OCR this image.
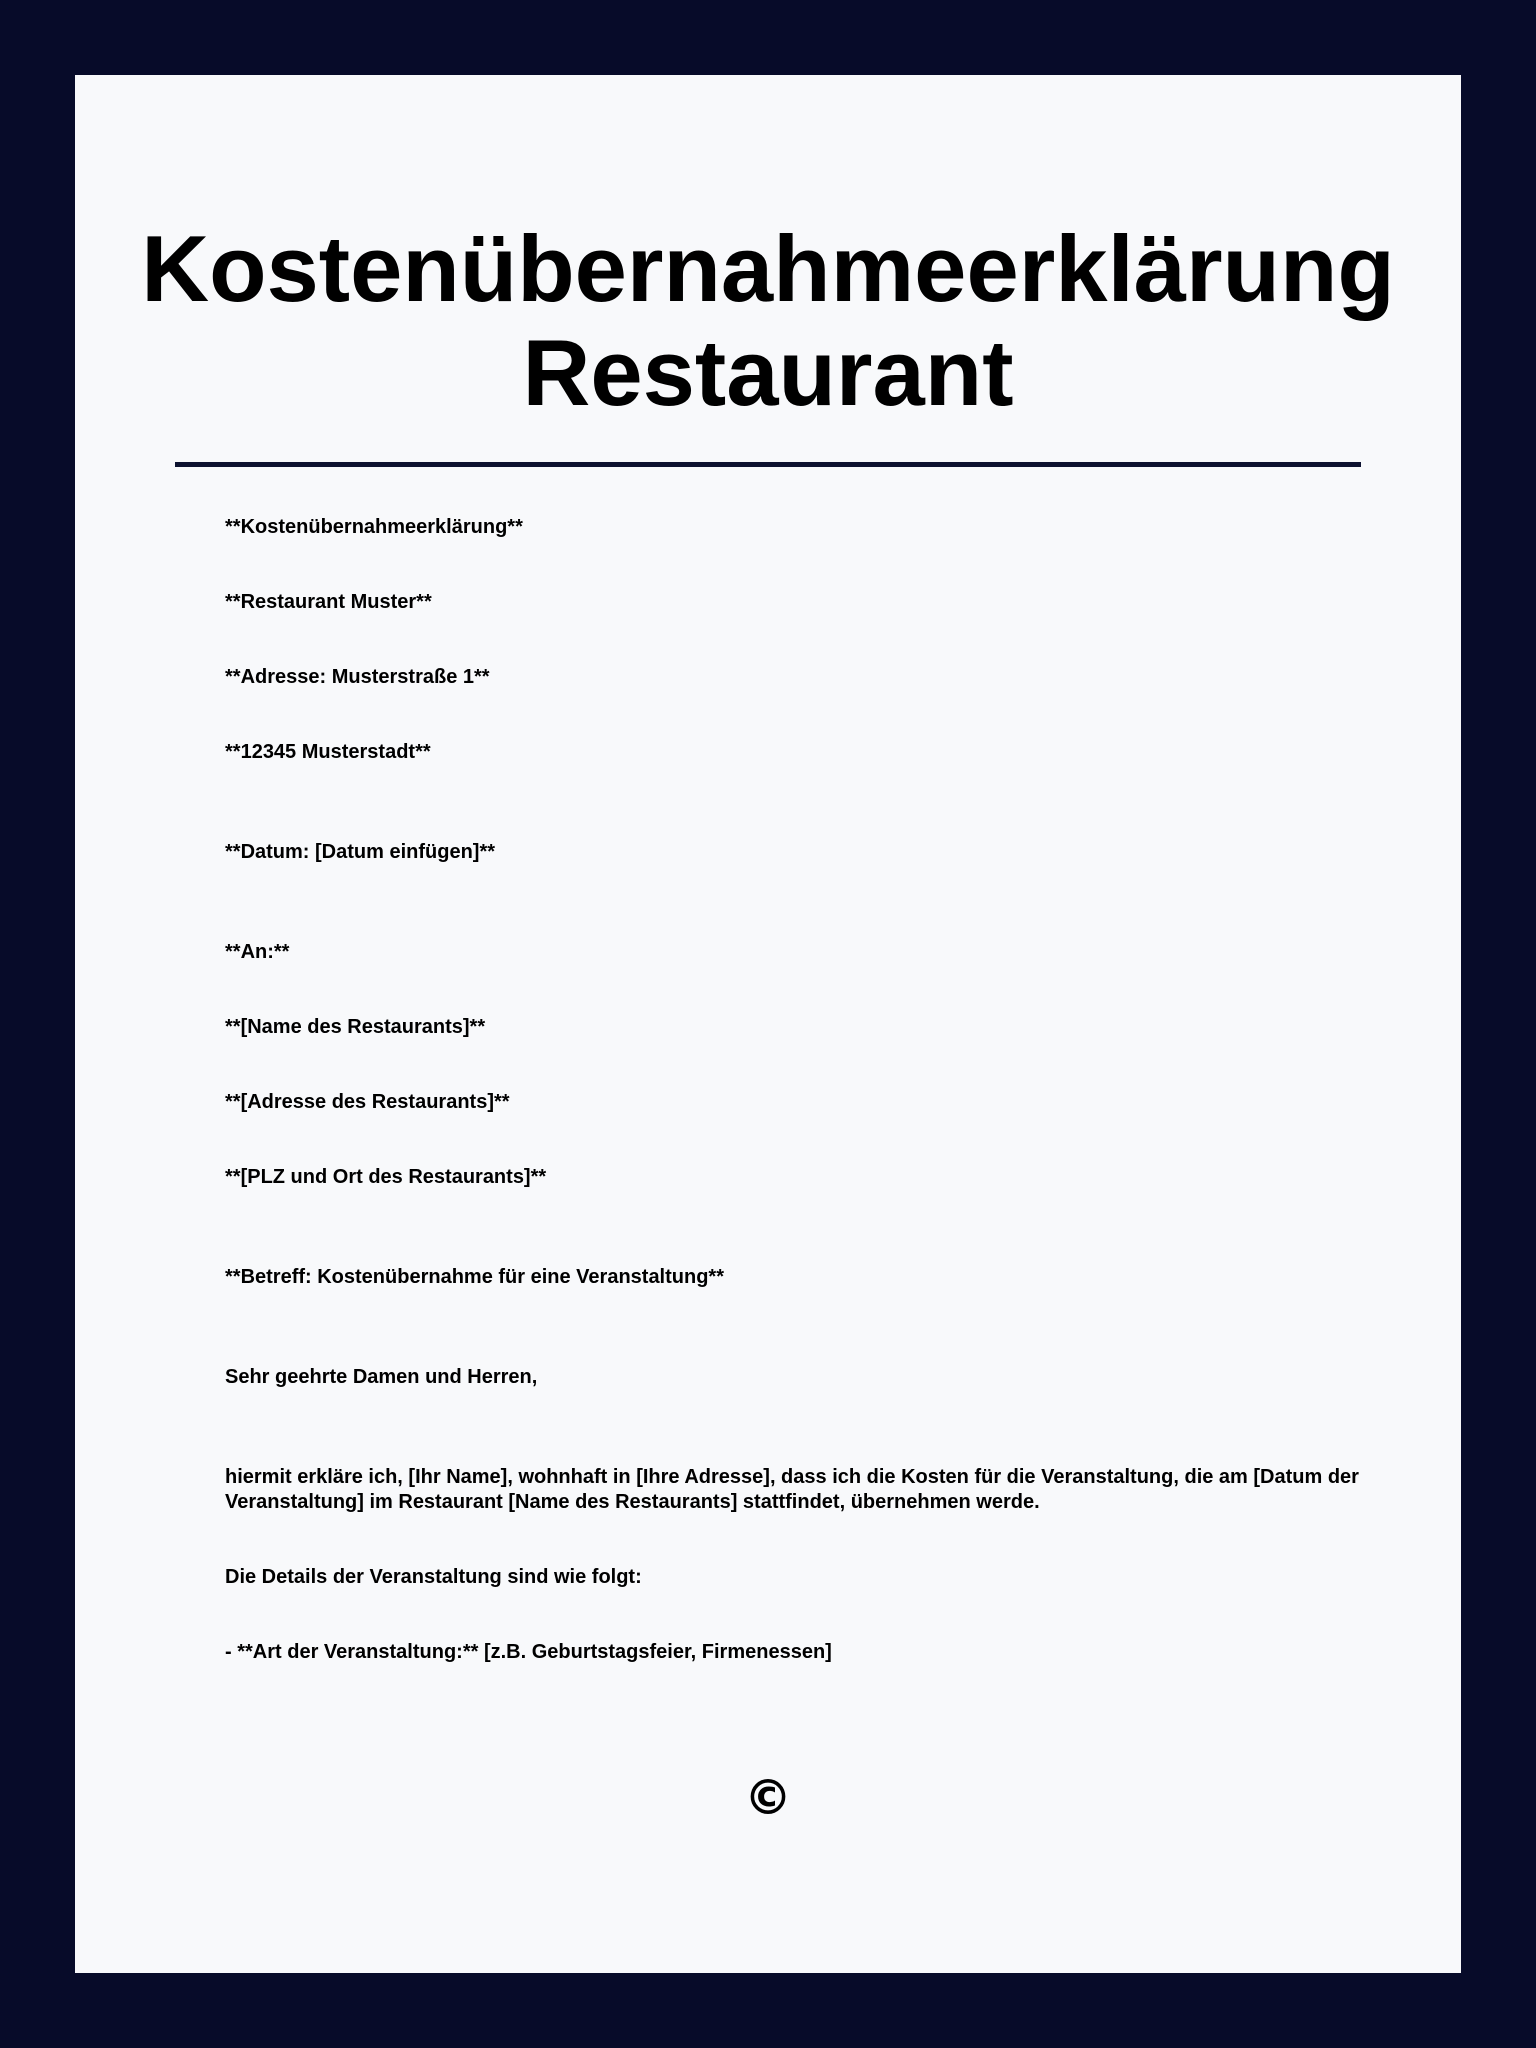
Kostenübernahmeerklärung
Restaurant

**Kostenübernahmeerklärung**

**Restaurant Muster**

**Adresse: Musterstraße 1**

**12345 Musterstadt**

**Datum: [Datum einfügen]**

**An:**

**[Name des Restaurants]**

**[Adresse des Restaurants]**

**[PLZ und Ort des Restaurants]**

**Betreff: Kostenübernahme für eine Veranstaltung**

Sehr geehrte Damen und Herren,

hiermit erkläre ich, [Ihr Name], wohnhaft in [Ihre Adresse], dass ich die Kosten für die Veranstaltung, die am [Datum der Veranstaltung] im Restaurant [Name des Restaurants] stattfindet, übernehmen werde.

Die Details der Veranstaltung sind wie folgt:

- **Art der Veranstaltung:** [z.B. Geburtstagsfeier, Firmenessen]

©
